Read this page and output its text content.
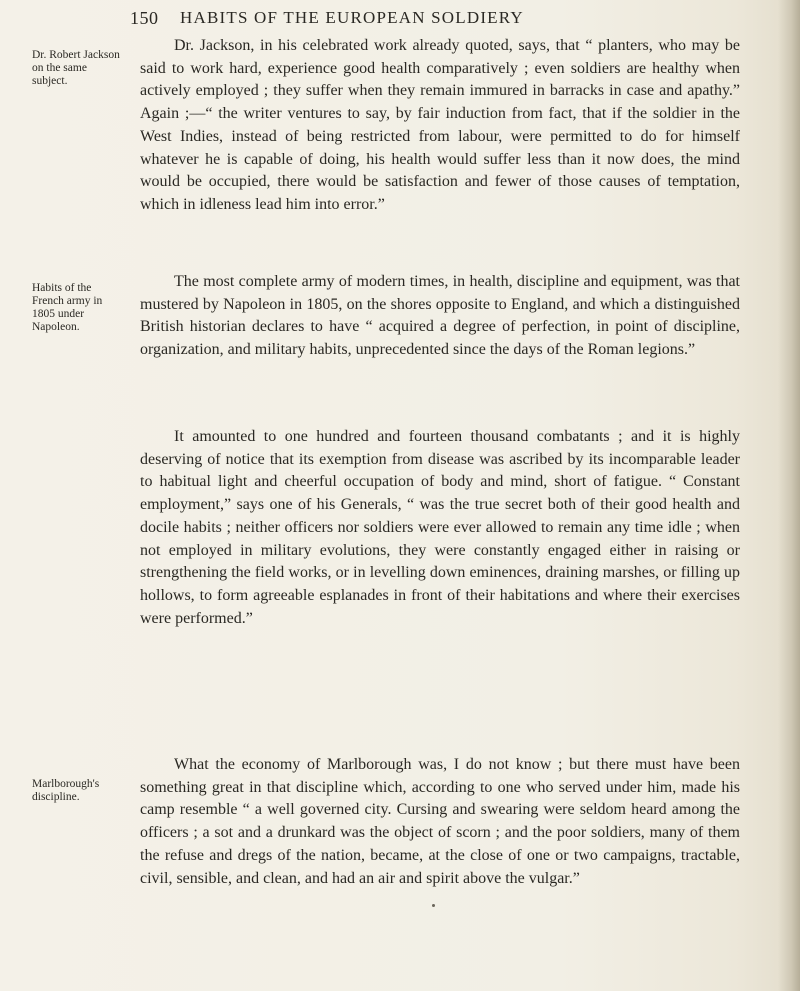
150 HABITS OF THE EUROPEAN SOLDIERY
Dr. Robert Jackson on the same subject.
Habits of the French army in 1805 under Napoleon.
Marlborough's discipline.

Dr. Jackson, in his celebrated work already quoted, says, that “ planters, who may be said to work hard, experience good health comparatively ; even soldiers are healthy when actively employed ; they suffer when they remain immured in barracks in case and apathy.” Again ;—“ the writer ventures to say, by fair induction from fact, that if the soldier in the West Indies, instead of being restricted from labour, were permitted to do for himself whatever he is capable of doing, his health would suffer less than it now does, the mind would be occupied, there would be satisfaction and fewer of those causes of temptation, which in idleness lead him into error.”

The most complete army of modern times, in health, discipline and equipment, was that mustered by Napoleon in 1805, on the shores opposite to England, and which a distinguished British historian declares to have “ acquired a degree of perfection, in point of discipline, organization, and military habits, unprecedented since the days of the Roman legions.”

It amounted to one hundred and fourteen thousand combatants ; and it is highly deserving of notice that its exemption from disease was ascribed by its incomparable leader to habitual light and cheerful occupation of body and mind, short of fatigue. “ Constant employment,” says one of his Generals, “ was the true secret both of their good health and docile habits ; neither officers nor soldiers were ever allowed to remain any time idle ; when not employed in military evolutions, they were constantly engaged either in raising or strengthening the field works, or in levelling down eminences, draining marshes, or filling up hollows, to form agreeable esplanades in front of their habitations and where their exercises were performed.”

What the economy of Marlborough was, I do not know ; but there must have been something great in that discipline which, according to one who served under him, made his camp resemble “ a well governed city. Cursing and swearing were seldom heard among the officers ; a sot and a drunkard was the object of scorn ; and the poor soldiers, many of them the refuse and dregs of the nation, became, at the close of one or two campaigns, tractable, civil, sensible, and clean, and had an air and spirit above the vulgar.”
